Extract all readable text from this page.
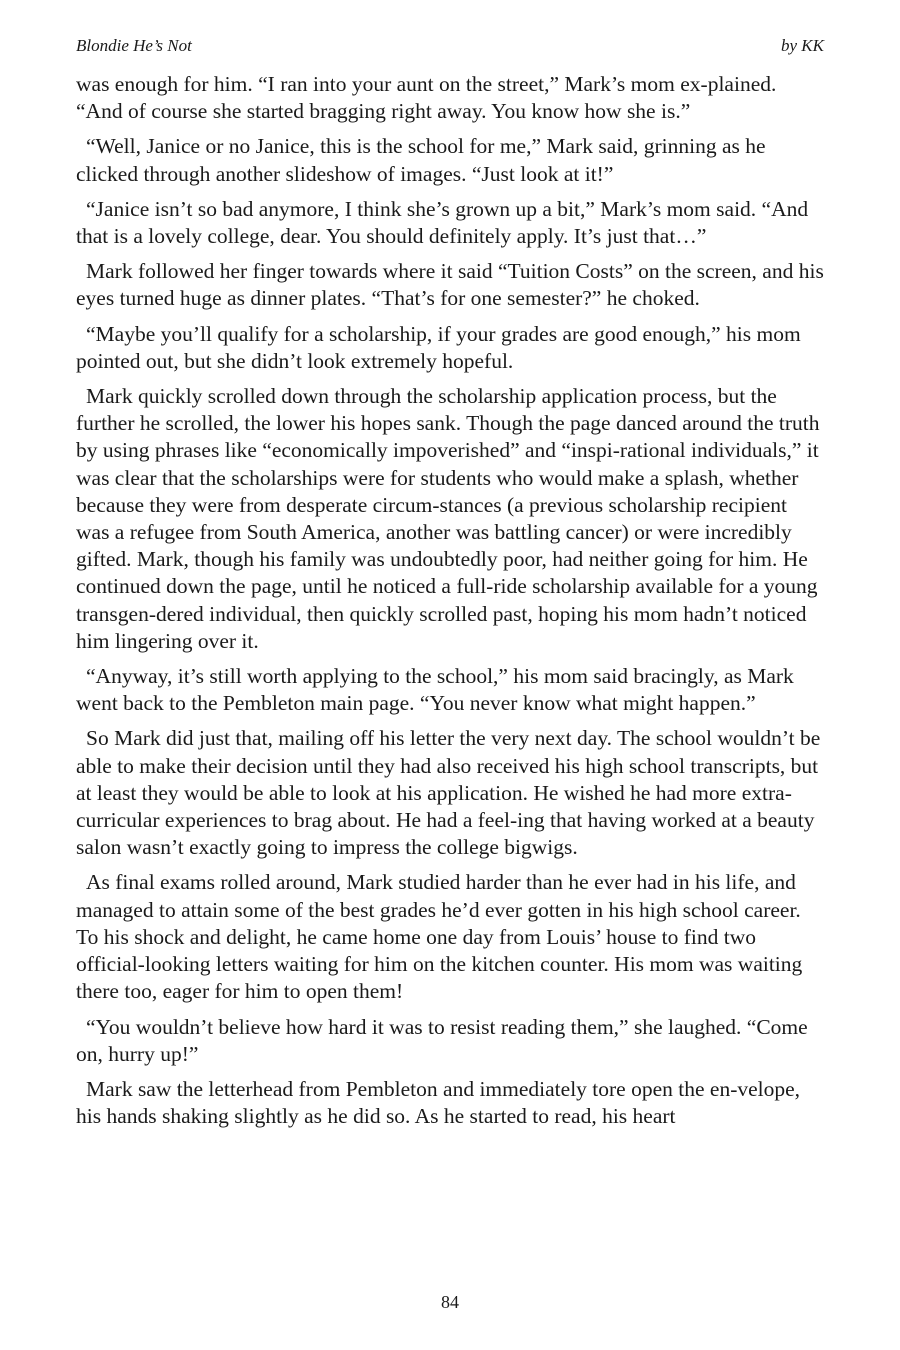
Blondie He’s Not	by KK

was enough for him. “I ran into your aunt on the street,” Mark’s mom ex-plained. “And of course she started bragging right away. You know how she is.”

“Well, Janice or no Janice, this is the school for me,” Mark said, grinning as he clicked through another slideshow of images. “Just look at it!”

“Janice isn’t so bad anymore, I think she’s grown up a bit,” Mark’s mom said. “And that is a lovely college, dear. You should definitely apply. It’s just that…”

Mark followed her finger towards where it said “Tuition Costs” on the screen, and his eyes turned huge as dinner plates. “That’s for one semester?” he choked.

“Maybe you’ll qualify for a scholarship, if your grades are good enough,” his mom pointed out, but she didn’t look extremely hopeful.

Mark quickly scrolled down through the scholarship application process, but the further he scrolled, the lower his hopes sank. Though the page danced around the truth by using phrases like “economically impoverished” and “inspi-rational individuals,” it was clear that the scholarships were for students who would make a splash, whether because they were from desperate circum-stances (a previous scholarship recipient was a refugee from South America, another was battling cancer) or were incredibly gifted. Mark, though his family was undoubtedly poor, had neither going for him. He continued down the page, until he noticed a full-ride scholarship available for a young transgen-dered individual, then quickly scrolled past, hoping his mom hadn’t noticed him lingering over it.

“Anyway, it’s still worth applying to the school,” his mom said bracingly, as Mark went back to the Pembleton main page. “You never know what might happen.”

So Mark did just that, mailing off his letter the very next day. The school wouldn’t be able to make their decision until they had also received his high school transcripts, but at least they would be able to look at his application. He wished he had more extra-curricular experiences to brag about. He had a feel-ing that having worked at a beauty salon wasn’t exactly going to impress the college bigwigs.

As final exams rolled around, Mark studied harder than he ever had in his life, and managed to attain some of the best grades he’d ever gotten in his high school career. To his shock and delight, he came home one day from Louis’ house to find two official-looking letters waiting for him on the kitchen counter. His mom was waiting there too, eager for him to open them!

“You wouldn’t believe how hard it was to resist reading them,” she laughed. “Come on, hurry up!”

Mark saw the letterhead from Pembleton and immediately tore open the en-velope, his hands shaking slightly as he did so. As he started to read, his heart

84
